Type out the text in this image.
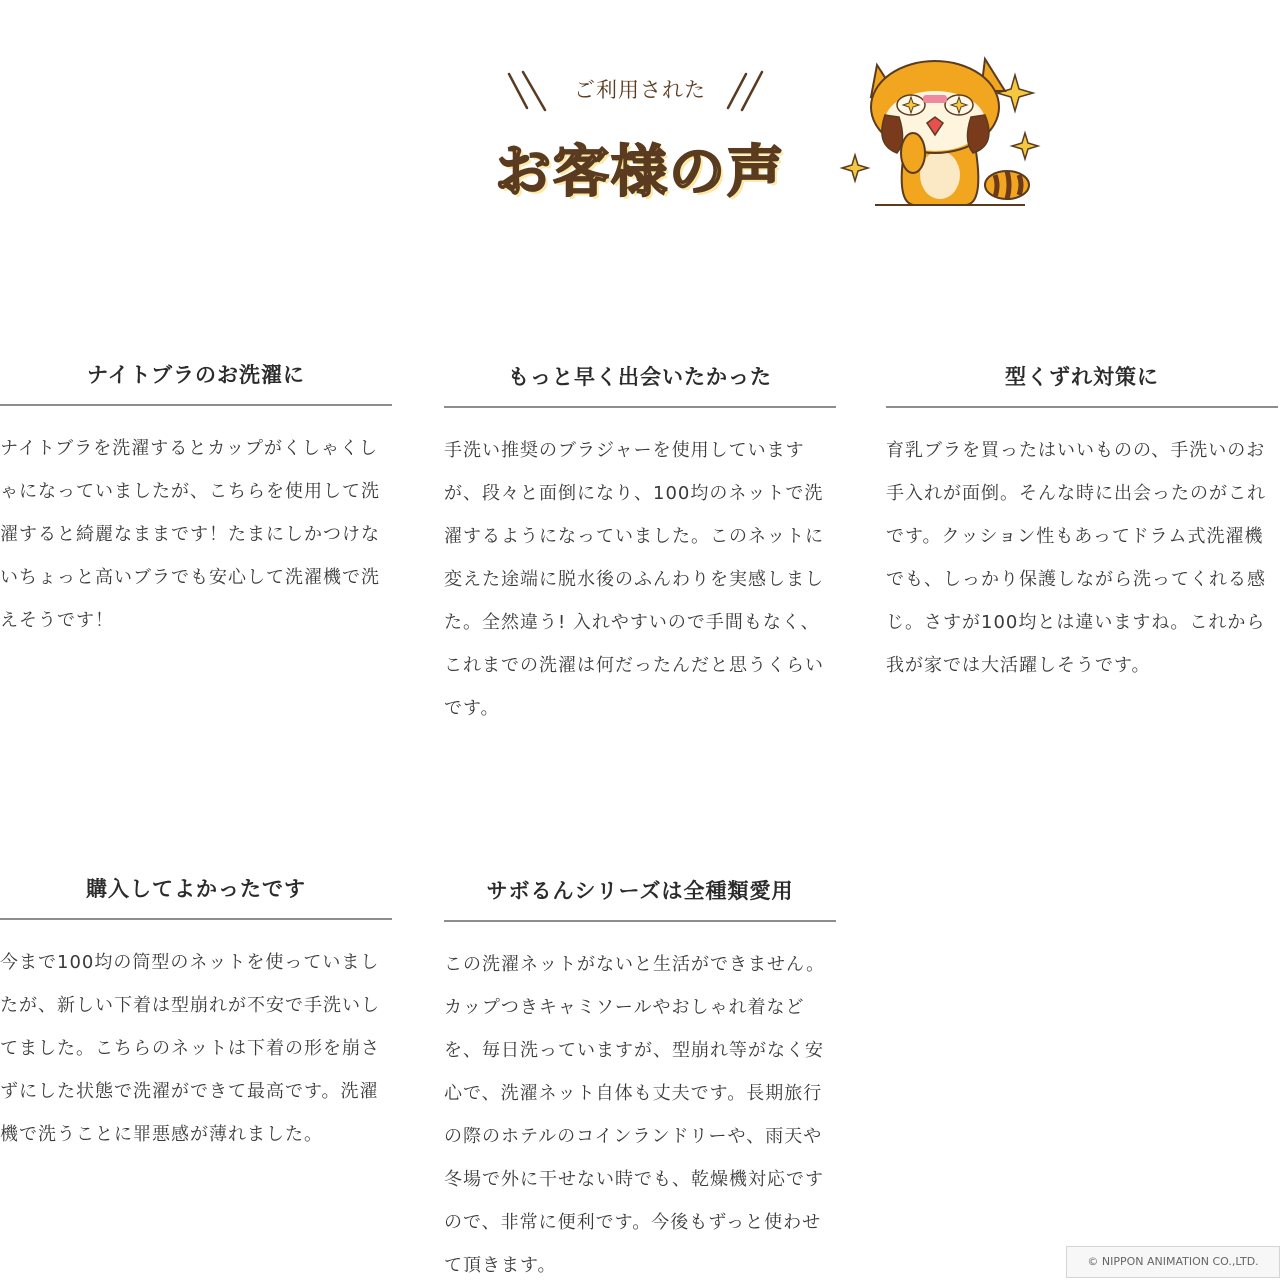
ご利用された
お客様の声
ナイトブラのお洗濯に
ナイトブラを洗濯するとカップがくしゃくし
ゃになっていましたが、こちらを使用して洗
濯すると綺麗なままです！たまにしかつけな
いちょっと高いブラでも安心して洗濯機で洗
えそうです！
もっと早く出会いたかった
手洗い推奨のブラジャーを使用しています
が、段々と面倒になり、100均のネットで洗
濯するようになっていました。このネットに
変えた途端に脱水後のふんわりを実感しまし
た。全然違う! 入れやすいので手間もなく、
これまでの洗濯は何だったんだと思うくらい
です。
型くずれ対策に
育乳ブラを買ったはいいものの、手洗いのお
手入れが面倒。そんな時に出会ったのがこれ
です。クッション性もあってドラム式洗濯機
でも、しっかり保護しながら洗ってくれる感
じ。さすが100均とは違いますね。これから
我が家では大活躍しそうです。
購入してよかったです
今まで100均の筒型のネットを使っていまし
たが、新しい下着は型崩れが不安で手洗いし
てました。こちらのネットは下着の形を崩さ
ずにした状態で洗濯ができて最高です。洗濯
機で洗うことに罪悪感が薄れました。
サボるんシリーズは全種類愛用
この洗濯ネットがないと生活ができません。
カップつきキャミソールやおしゃれ着など
を、毎日洗っていますが、型崩れ等がなく安
心で、洗濯ネット自体も丈夫です。長期旅行
の際のホテルのコインランドリーや、雨天や
冬場で外に干せない時でも、乾燥機対応です
ので、非常に便利です。今後もずっと使わせ
て頂きます。	© NIPPON ANIMATION CO.,LTD.
